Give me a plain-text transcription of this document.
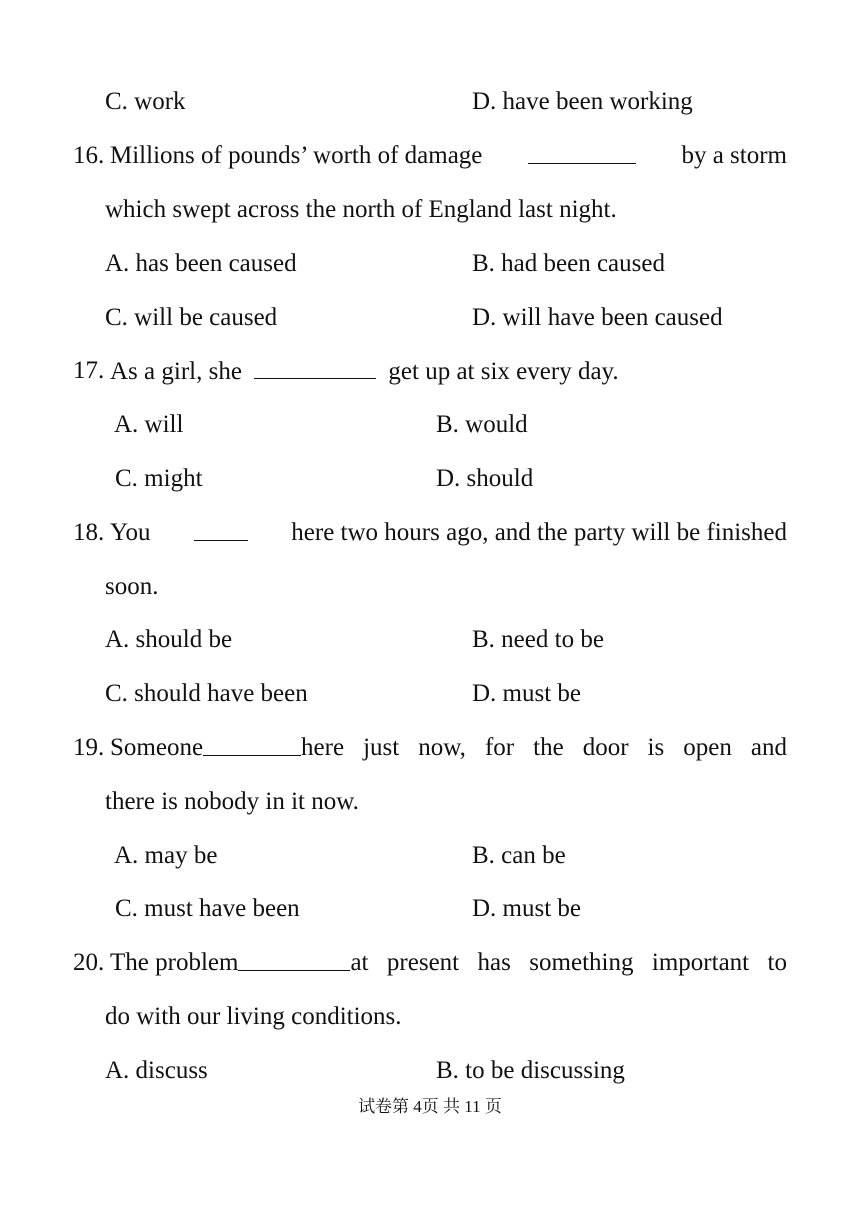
C. work	D. have been working
16. Millions of pounds’ worth of damage	by a storm
which swept across the north of England last night.
A. has been caused	B. had been caused
C. will be caused	D. will have been caused
17. As a girl, she	get up at six every day.
A. will	B. would
C. might	D. should
18. You	here two hours ago, and the party will be finished
soon.
A. should be	B. need to be
C. should have been	D. must be
19. Someone	here just now, for the door is open and
there is nobody in it now.
A. may be	B. can be
C. must have been	D. must be
20. The problem	at present has something important to
do with our living conditions.
A. discuss	B. to be discussing
试卷第 4页 共 11 页
